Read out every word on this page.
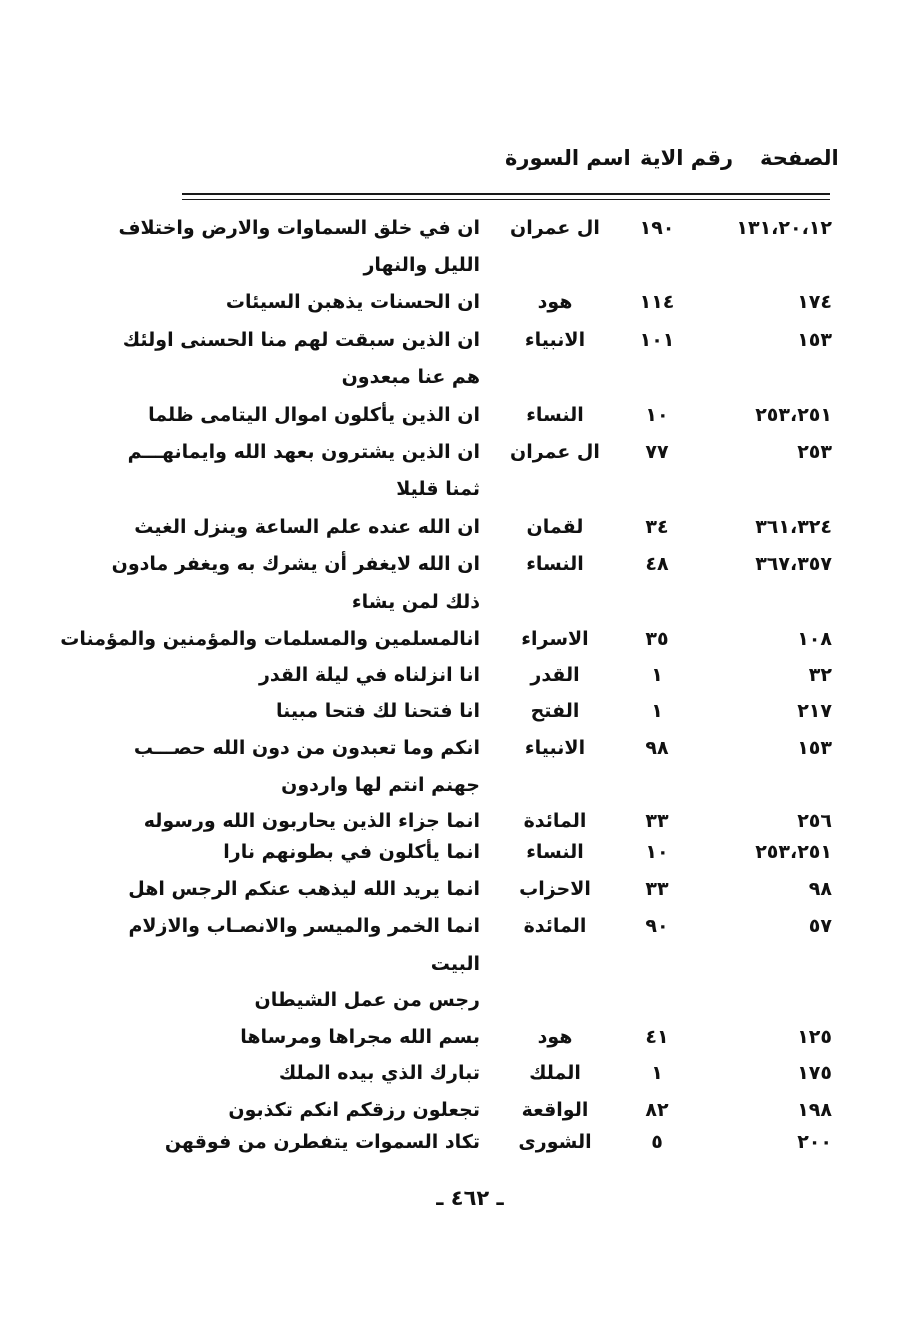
الصفحة
رقم الاية
اسم السورة
١٣١،٢٠،١٢
١٩٠
ال عمران
ان في خلق السماوات والارض واختلاف
الليل والنهار
١٧٤
١١٤
هود
ان الحسنات يذهبن السيئات
١٥٣
١٠١
الانبياء
ان الذين سبقت لهم منا الحسنى اولئك
هم عنا مبعدون
٢٥٣،٢٥١
١٠
النساء
ان الذين يأكلون اموال اليتامى ظلما
٢٥٣
٧٧
ال عمران
ان الذين يشترون بعهد الله وايمانهـــم
ثمنا قليلا
٣٦١،٣٢٤
٣٤
لقمان
ان الله عنده علم الساعة وينزل الغيث
٣٦٧،٣٥٧
٤٨
النساء
ان الله لايغفر أن يشرك به ويغفر مادون
ذلك لمن يشاء
١٠٨
٣٥
الاسراء
انالمسلمين والمسلمات والمؤمنين والمؤمنات
٣٢
١
القدر
انا انزلناه في ليلة القدر
٢١٧
١
الفتح
انا فتحنا لك فتحا مبينا
١٥٣
٩٨
الانبياء
انكم وما تعبدون من دون الله حصـــب
جهنم انتم لها واردون
٢٥٦
٣٣
المائدة
انما جزاء الذين يحاربون الله ورسوله
٢٥٣،٢٥١
١٠
النساء
انما يأكلون في بطونهم نارا
٩٨
٣٣
الاحزاب
انما يريد الله ليذهب عنكم الرجس اهل
٥٧
٩٠
المائدة
انما الخمر والميسر والانصـاب والازلام
البيت
رجس من عمل الشيطان
١٢٥
٤١
هود
بسم الله مجراها ومرساها
١٧٥
١
الملك
تبارك الذي بيده الملك
١٩٨
٨٢
الواقعة
تجعلون رزقكم انكم تكذبون
٢٠٠
٥
الشورى
تكاد السموات يتفطرن من فوقهن
ـ ٤٦٢ ـ
